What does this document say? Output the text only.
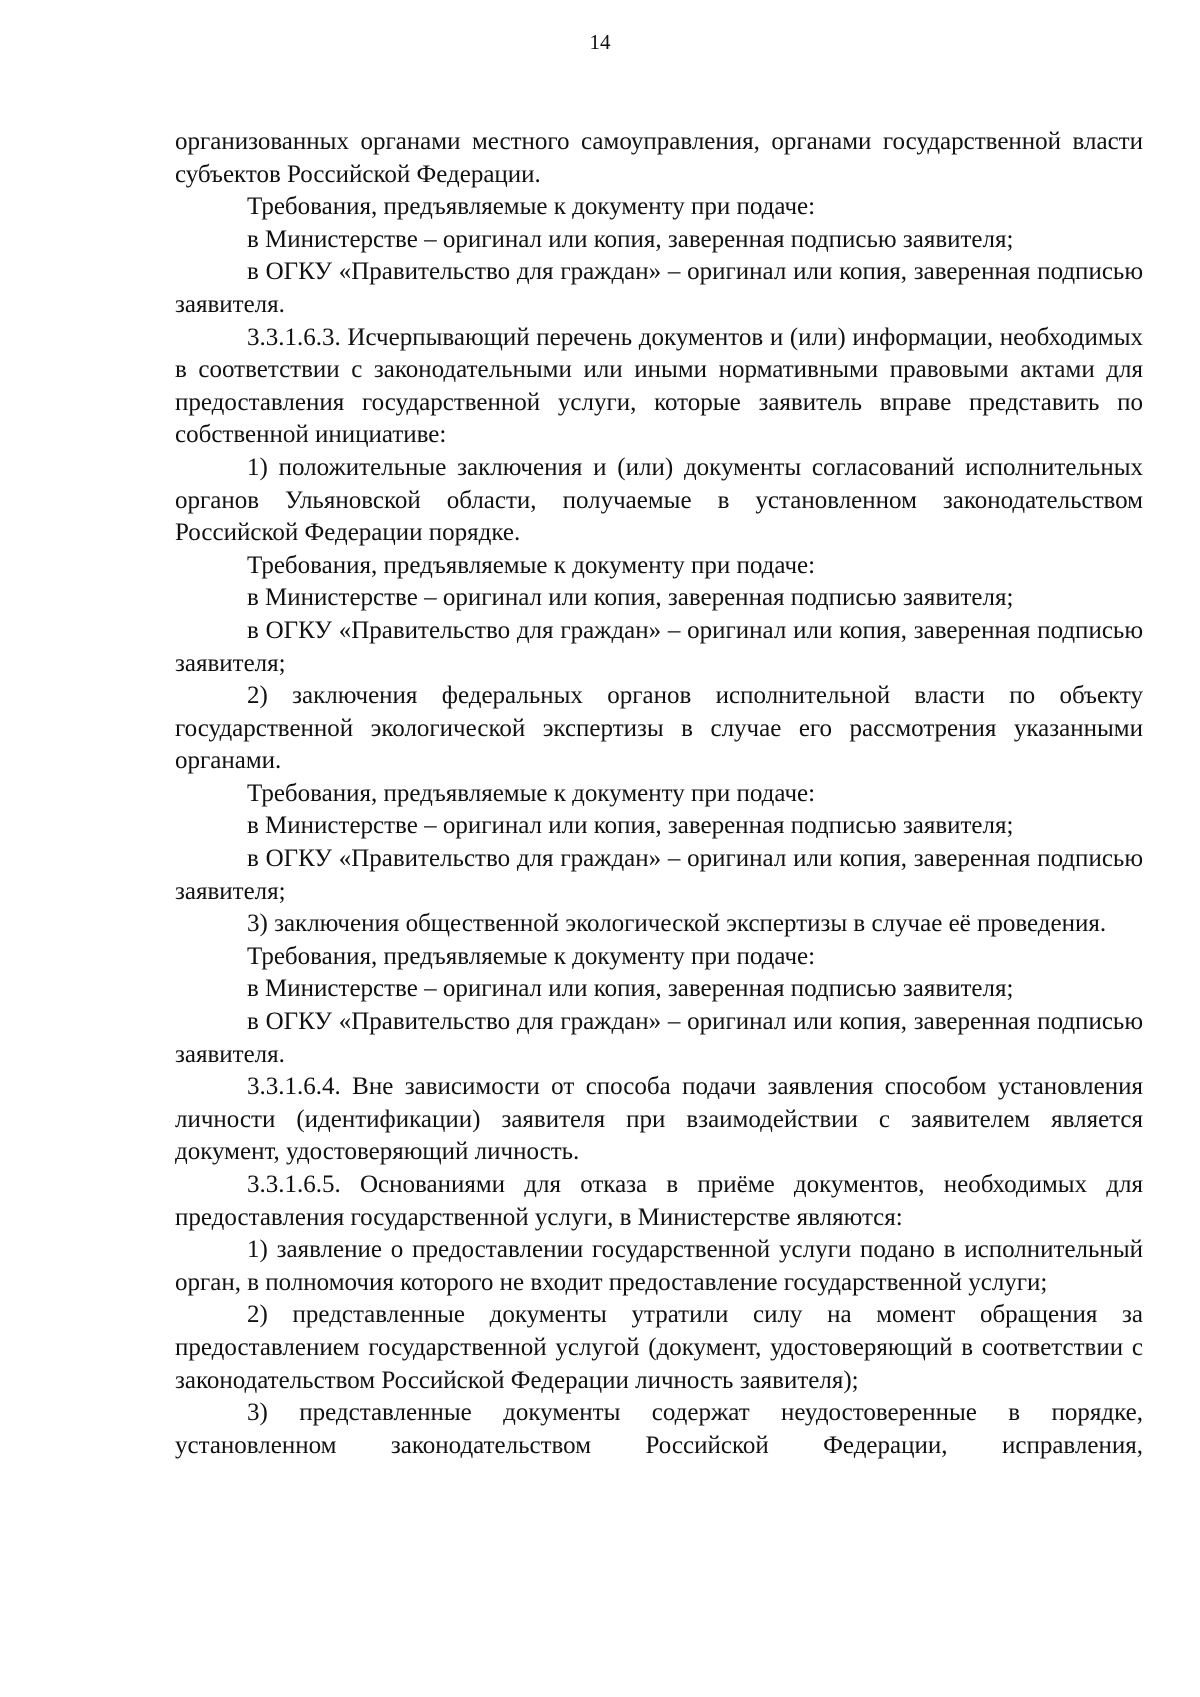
14

организованных органами местного самоуправления, органами государственной власти субъектов Российской Федерации.

Требования, предъявляемые к документу при подаче:

в Министерстве – оригинал или копия, заверенная подписью заявителя;

в ОГКУ «Правительство для граждан» – оригинал или копия, заверенная подписью заявителя.

3.3.1.6.3. Исчерпывающий перечень документов и (или) информации, необходимых в соответствии с законодательными или иными нормативными правовыми актами для предоставления государственной услуги, которые заявитель вправе представить по собственной инициативе:

1) положительные заключения и (или) документы согласований исполнительных органов Ульяновской области, получаемые в установленном законодательством Российской Федерации порядке.

Требования, предъявляемые к документу при подаче:

в Министерстве – оригинал или копия, заверенная подписью заявителя;

в ОГКУ «Правительство для граждан» – оригинал или копия, заверенная подписью заявителя;

2) заключения федеральных органов исполнительной власти по объекту государственной экологической экспертизы в случае его рассмотрения указанными органами.

Требования, предъявляемые к документу при подаче:

в Министерстве – оригинал или копия, заверенная подписью заявителя;

в ОГКУ «Правительство для граждан» – оригинал или копия, заверенная подписью заявителя;

3) заключения общественной экологической экспертизы в случае её проведения.

Требования, предъявляемые к документу при подаче:

в Министерстве – оригинал или копия, заверенная подписью заявителя;

в ОГКУ «Правительство для граждан» – оригинал или копия, заверенная подписью заявителя.

3.3.1.6.4. Вне зависимости от способа подачи заявления способом установления личности (идентификации) заявителя при взаимодействии с заявителем является документ, удостоверяющий личность.

3.3.1.6.5. Основаниями для отказа в приёме документов, необходимых для предоставления государственной услуги, в Министерстве являются:

1) заявление о предоставлении государственной услуги подано в исполнительный орган, в полномочия которого не входит предоставление государственной услуги;

2) представленные документы утратили силу на момент обращения за предоставлением государственной услугой (документ, удостоверяющий в соответствии с законодательством Российской Федерации личность заявителя);

3) представленные документы содержат неудостоверенные в порядке, установленном законодательством Российской Федерации, исправления,
